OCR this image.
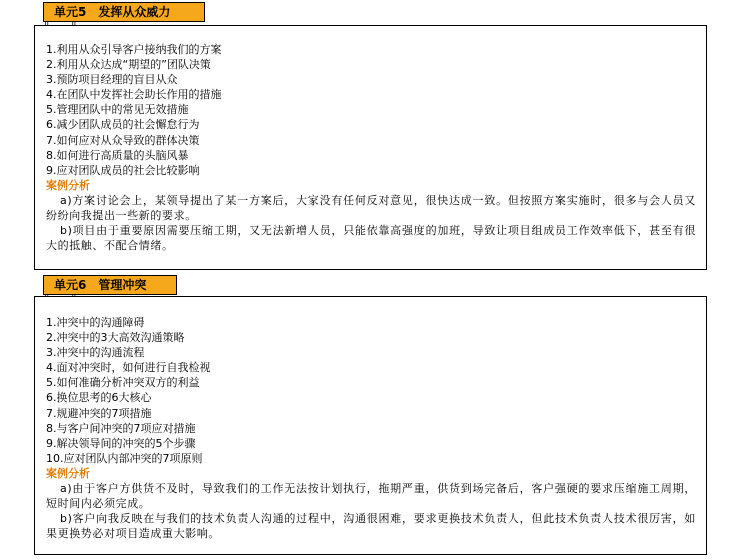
单元5　发挥从众威力
1.利用从众引导客户接纳我们的方案
2.利用从众达成“期望的”团队决策
3.预防项目经理的盲目从众
4.在团队中发挥社会助长作用的措施
5.管理团队中的常见无效措施
6.减少团队成员的社会懈怠行为
7.如何应对从众导致的群体决策
8.如何进行高质量的头脑风暴
9.应对团队成员的社会比较影响
案例分析

a)方案讨论会上，某领导提出了某一方案后，大家没有任何反对意见，很快达成一致。但按照方案实施时，很多与会人员又纷纷向我提出一些新的要求。

b)项目由于重要原因需要压缩工期，又无法新增人员，只能依靠高强度的加班，导致让项目组成员工作效率低下，甚至有很大的抵触、不配合情绪。

单元6　管理冲突
1.冲突中的沟通障碍
2.冲突中的3大高效沟通策略
3.冲突中的沟通流程
4.面对冲突时，如何进行自我检视
5.如何准确分析冲突双方的利益
6.换位思考的6大核心
7.规避冲突的7项措施
8.与客户间冲突的7项应对措施
9.解决领导间的冲突的5个步骤
10.应对团队内部冲突的7项原则
案例分析

a)由于客户方供货不及时，导致我们的工作无法按计划执行，拖期严重，供货到场完备后，客户强硬的要求压缩施工周期，短时间内必须完成。

b)客户向我反映在与我们的技术负责人沟通的过程中，沟通很困难，要求更换技术负责人，但此技术负责人技术很厉害，如果更换势必对项目造成重大影响。
